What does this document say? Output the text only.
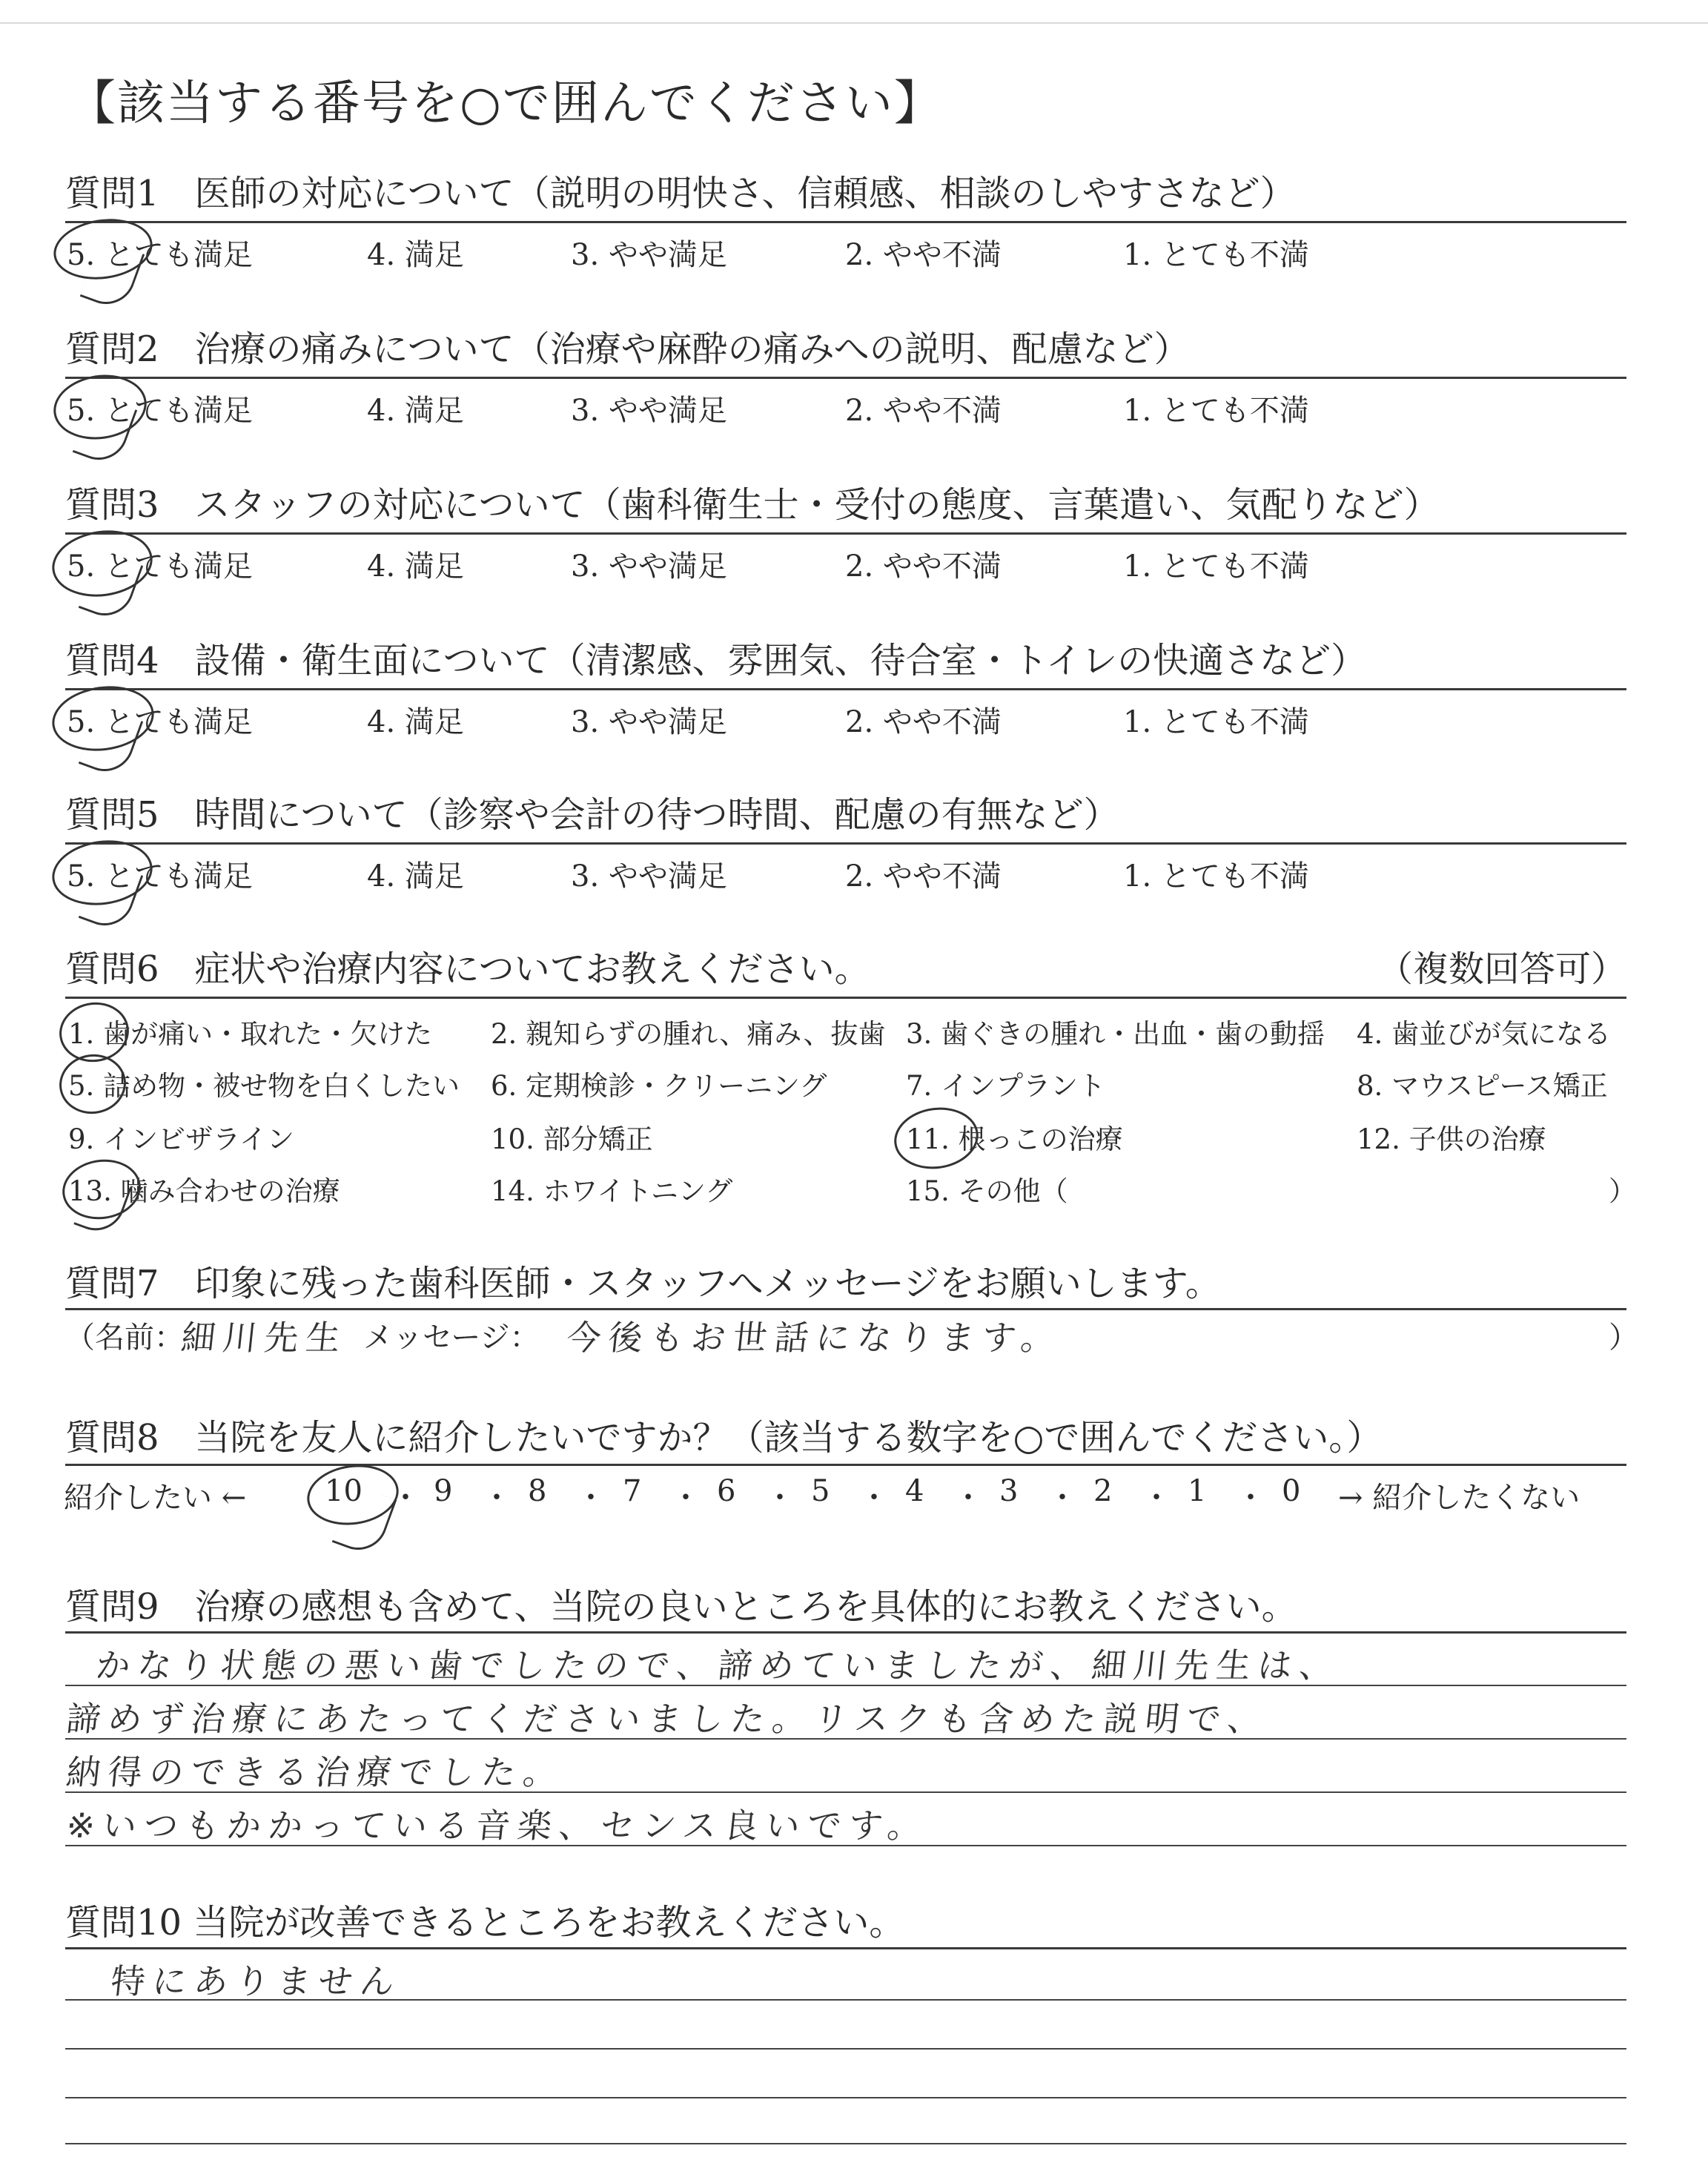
【該当する番号を○で囲んでください】
質問1　医師の対応について（説明の明快さ、信頼感、相談のしやすさなど）
5. とても満足	4. 満足	3. やや満足	2. やや不満	1. とても不満
質問2　治療の痛みについて（治療や麻酔の痛みへの説明、配慮など）
5. とても満足	4. 満足	3. やや満足	2. やや不満	1. とても不満
質問3　スタッフの対応について（歯科衛生士・受付の態度、言葉遣い、気配りなど）
5. とても満足	4. 満足	3. やや満足	2. やや不満	1. とても不満
質問4　設備・衛生面について（清潔感、雰囲気、待合室・トイレの快適さなど）
5. とても満足	4. 満足	3. やや満足	2. やや不満	1. とても不満
質問5　時間について（診察や会計の待つ時間、配慮の有無など）
5. とても満足	4. 満足	3. やや満足	2. やや不満	1. とても不満
質問6　症状や治療内容についてお教えください。	（複数回答可）
1. 歯が痛い・取れた・欠けた 2. 親知らずの腫れ、痛み、抜歯 3. 歯ぐきの腫れ・出血・歯の動揺 4. 歯並びが気になる
5. 詰め物・被せ物を白くしたい 6. 定期検診・クリーニング	7. インプラント	8. マウスピース矯正
9. インビザライン	10. 部分矯正	11. 根っこの治療	12. 子供の治療
13. 噛み合わせの治療	14. ホワイトニング	15. その他（	）
質問7　印象に残った歯科医師・スタッフへメッセージをお願いします。
（名前：
細川先生 メッセージ： 今後もお世話になります。	）
質問8　当院を友人に紹介したいですか？（該当する数字を○で囲んでください。）
紹介したい ←	→ 紹介したくない
10 ・ 9 ・ 8 ・ 7 ・ 6 ・ 5 ・ 4 ・ 3 ・ 2 ・ 1 ・ 0
質問9　治療の感想も含めて、当院の良いところを具体的にお教えください。
かなり状態の悪い歯でしたので、諦めていましたが、細川先生は、
諦めず治療にあたってくださいました。リスクも含めた説明で、
納得のできる治療でした。
※いつもかかっている音楽、センス良いです。
質問10 当院が改善できるところをお教えください。
特にありません
